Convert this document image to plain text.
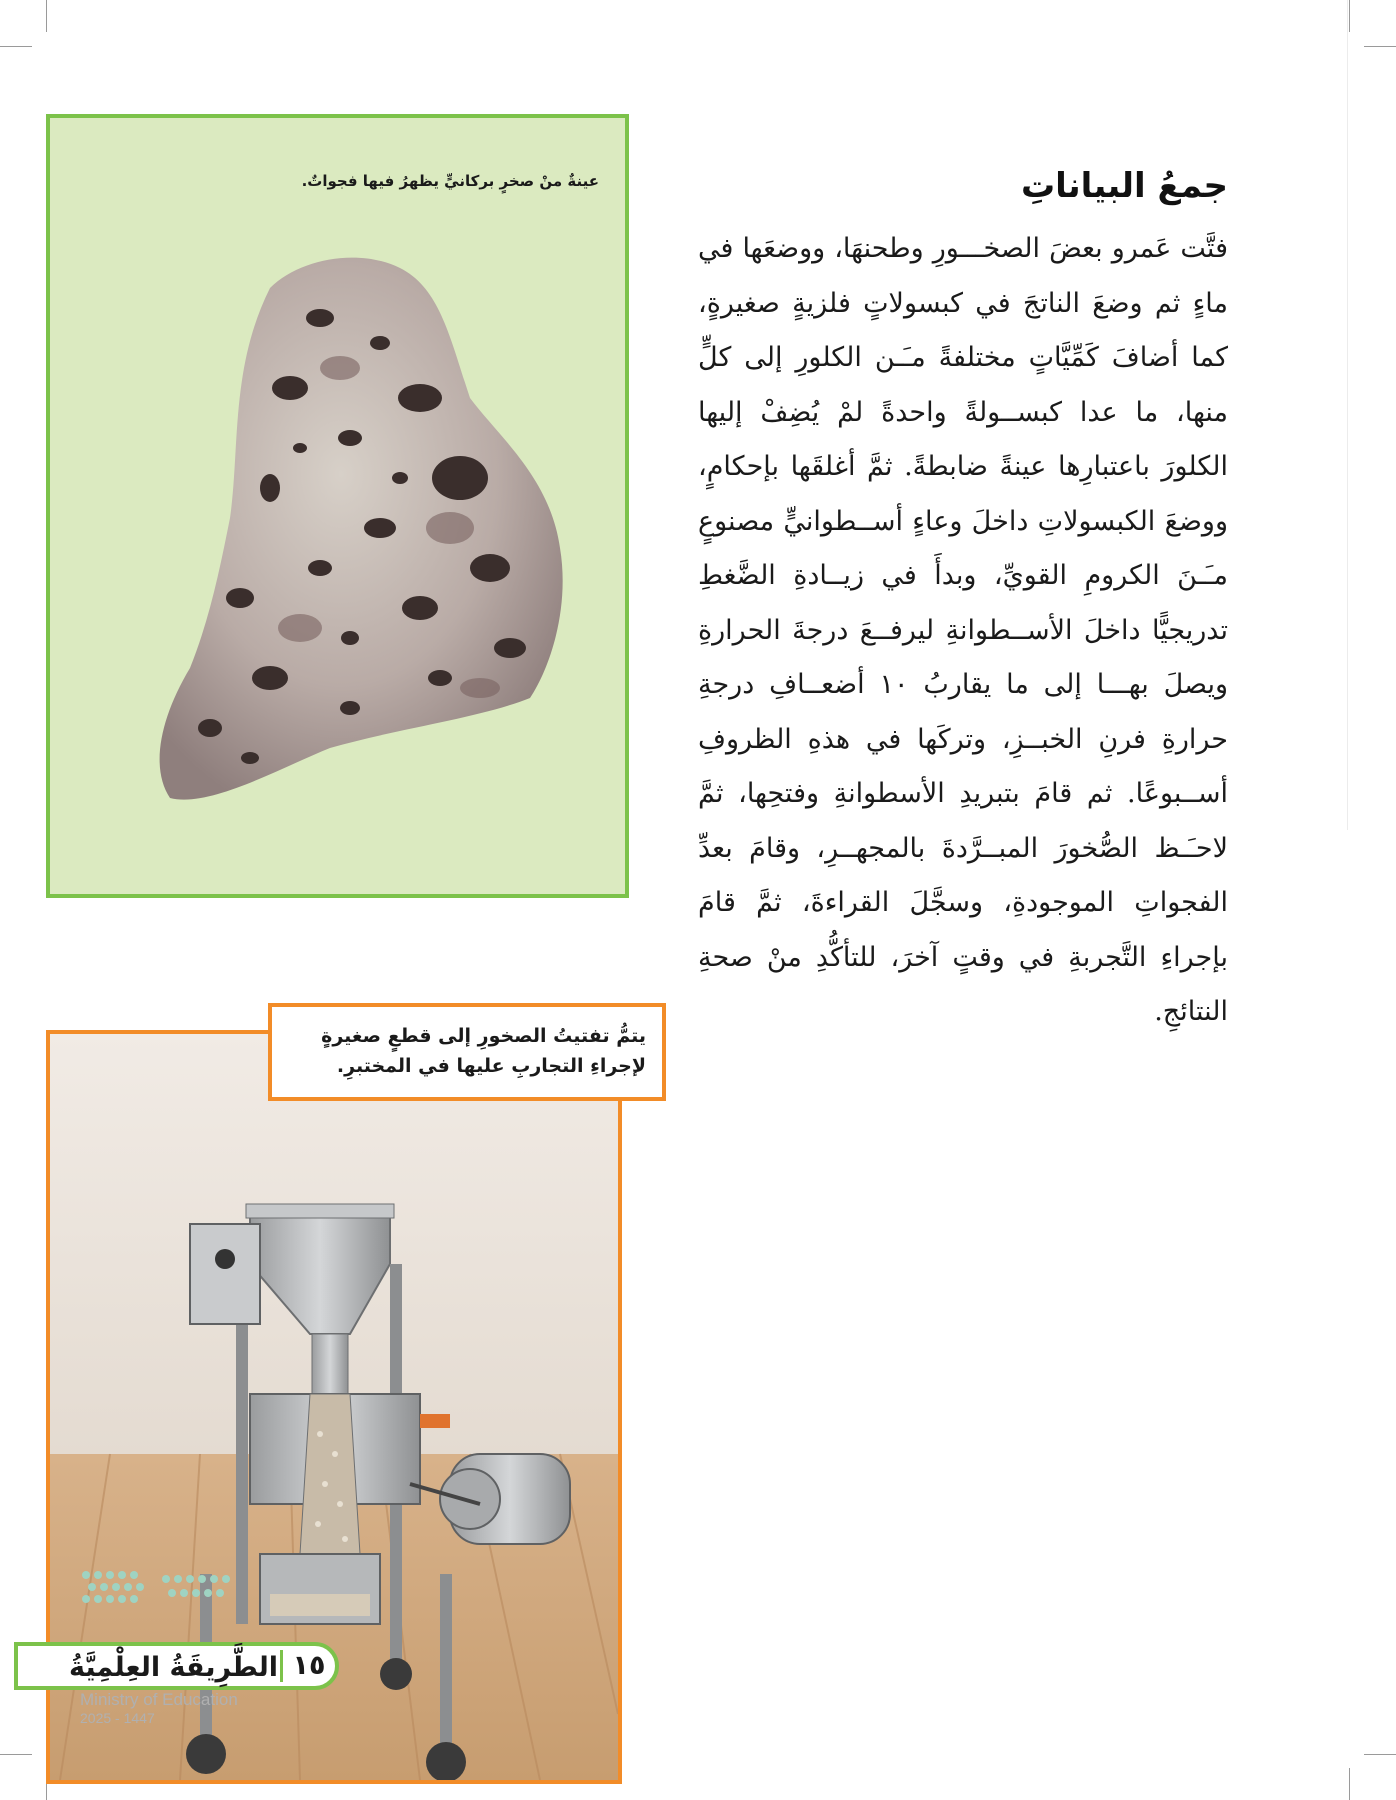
عينةٌ منْ صخرٍ بركانيٍّ يظهرُ فيها فجواتٌ.	جمعُ البياناتِ

فتَّت عَمرو بعضَ الصخـــورِ وطحنهَا، ووضعَها في ماءٍ ثم وضعَ الناتجَ في كبسولاتٍ فلزيةٍ صغيرةٍ، كما أضافَ كَمِّيَّاتٍ مختلفةً مـَـن الكلورِ إلى كلٍّ منها، ما عدا كبســولةً واحدةً لمْ يُضِفْ إليها الكلورَ باعتبارِها عينةً ضابطةً. ثمَّ أغلقَها بإحكامٍ، ووضعَ الكبسولاتِ داخلَ وعاءٍ أســطوانيٍّ مصنوعٍ مـَـنَ الكرومِ القويِّ، وبدأَ في زيــادةِ الضَّغطِ تدريجيًّا داخلَ الأســطوانةِ ليرفــعَ درجةَ الحرارةِ ويصلَ بهـــا إلى ما يقاربُ ١٠ أضعــافِ درجةِ حرارةِ فرنِ الخبــزِ، وتركَها في هذهِ الظروفِ أســبوعًا. ثم قامَ بتبريدِ الأسطوانةِ وفتحِها، ثمَّ لاحـَـظ الصُّخورَ المبــرَّدةَ بالمجهــرِ، وقامَ بعدِّ الفجواتِ الموجودةِ، وسجَّلَ القراءةَ، ثمَّ قامَ بإجراءِ التَّجربةِ في وقتٍ آخرَ، للتأكُّدِ منْ صحةِ النتائجِ.

يتمُّ تفتيتُ الصخورِ إلى قطعٍ صغيرةٍ لإجراءِ التجاربِ عليها في المختبرِ.
الطَّرِيقَةُ العِلْمِيَّةُ ١٥
Ministry of Education
2025 - 1447
